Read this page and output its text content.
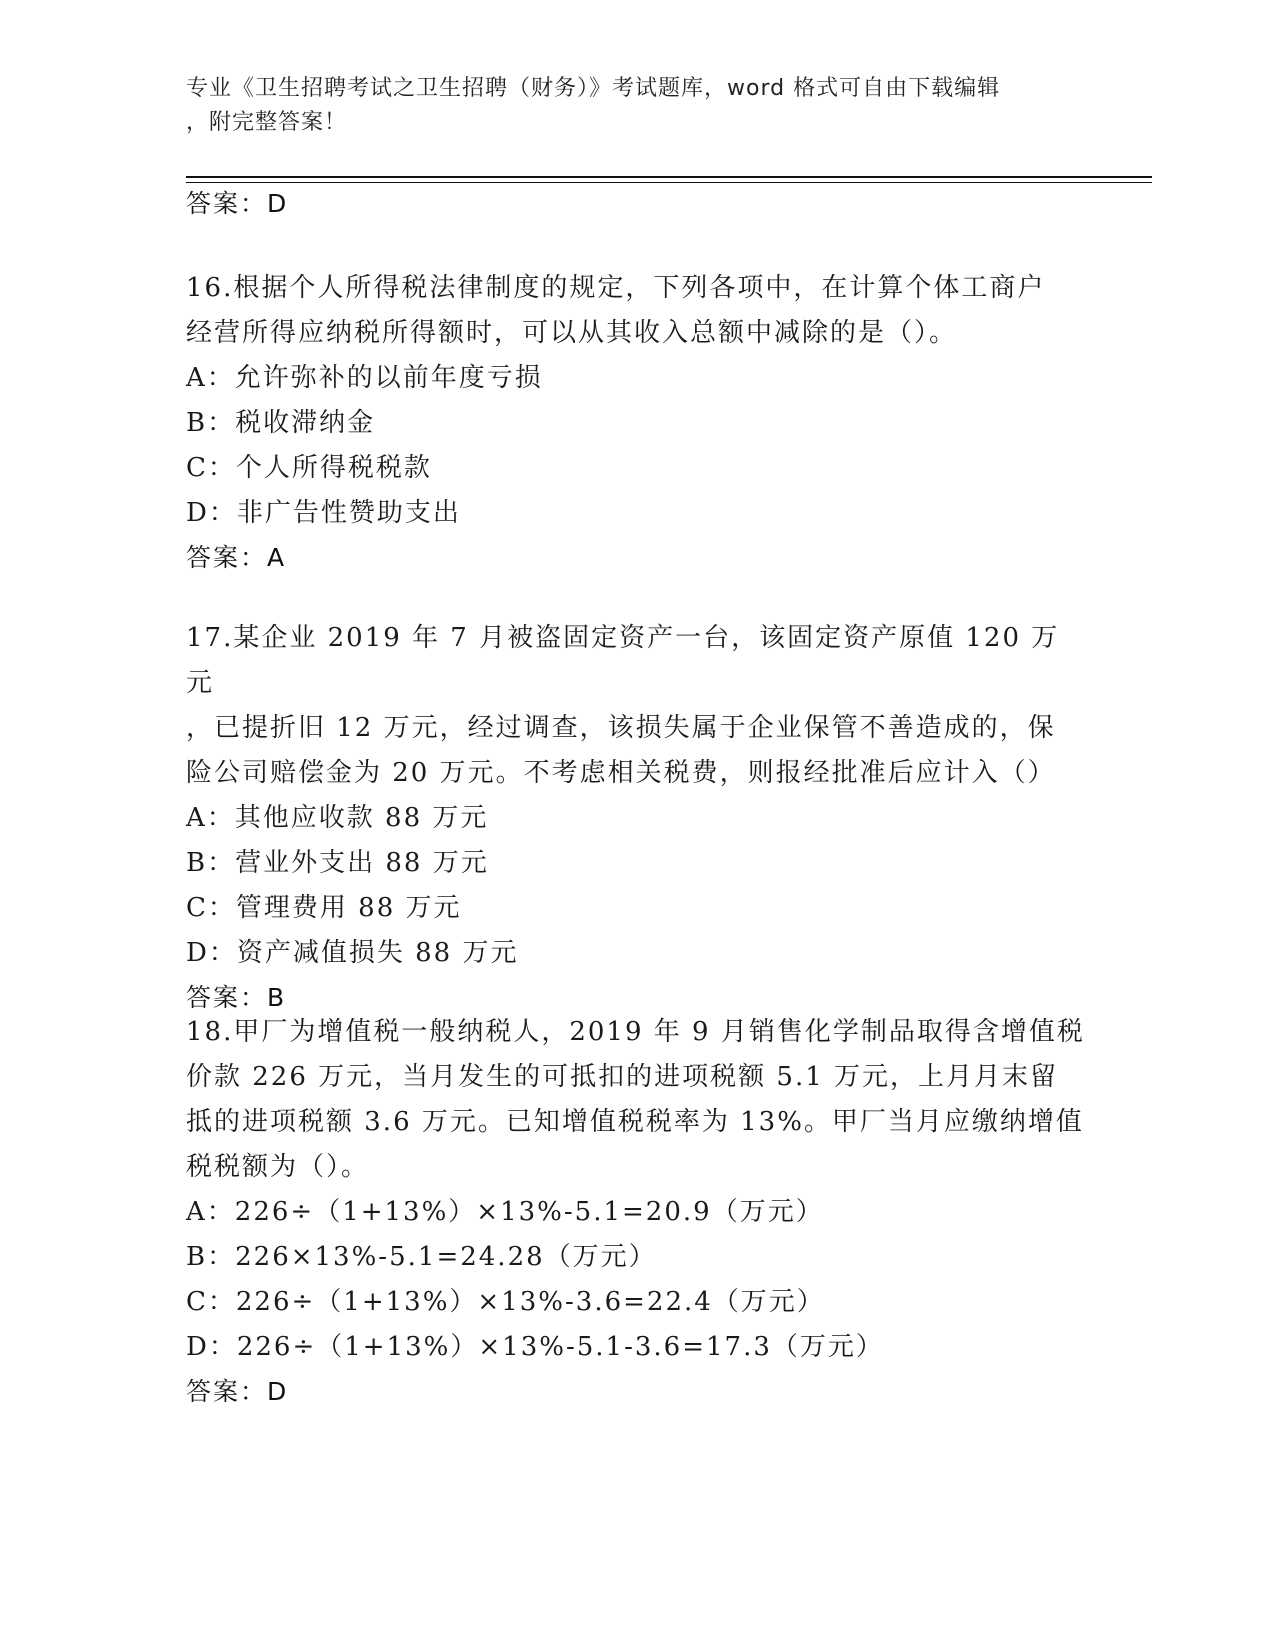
专业《卫生招聘考试之卫生招聘（财务）》考试题库，word 格式可自由下载编辑
，附完整答案！
答案：D
16.根据个人所得税法律制度的规定，下列各项中，在计算个体工商户
经营所得应纳税所得额时，可以从其收入总额中减除的是（）。
A：允许弥补的以前年度亏损
B：税收滞纳金
C：个人所得税税款
D：非广告性赞助支出
答案：A
17.某企业 2019 年 7 月被盗固定资产一台，该固定资产原值 120 万元
，已提折旧 12 万元，经过调查，该损失属于企业保管不善造成的，保
险公司赔偿金为 20 万元。不考虑相关税费，则报经批准后应计入（）
A：其他应收款 88 万元
B：营业外支出 88 万元
C：管理费用 88 万元
D：资产减值损失 88 万元
答案：B
18.甲厂为增值税一般纳税人，2019 年 9 月销售化学制品取得含增值税
价款 226 万元，当月发生的可抵扣的进项税额 5.1 万元，上月月末留
抵的进项税额 3.6 万元。已知增值税税率为 13%。甲厂当月应缴纳增值
税税额为（）。
A：226÷（1+13%）×13%-5.1=20.9（万元）
B：226×13%-5.1=24.28（万元）
C：226÷（1+13%）×13%-3.6=22.4（万元）
D：226÷（1+13%）×13%-5.1-3.6=17.3（万元）
答案：D
